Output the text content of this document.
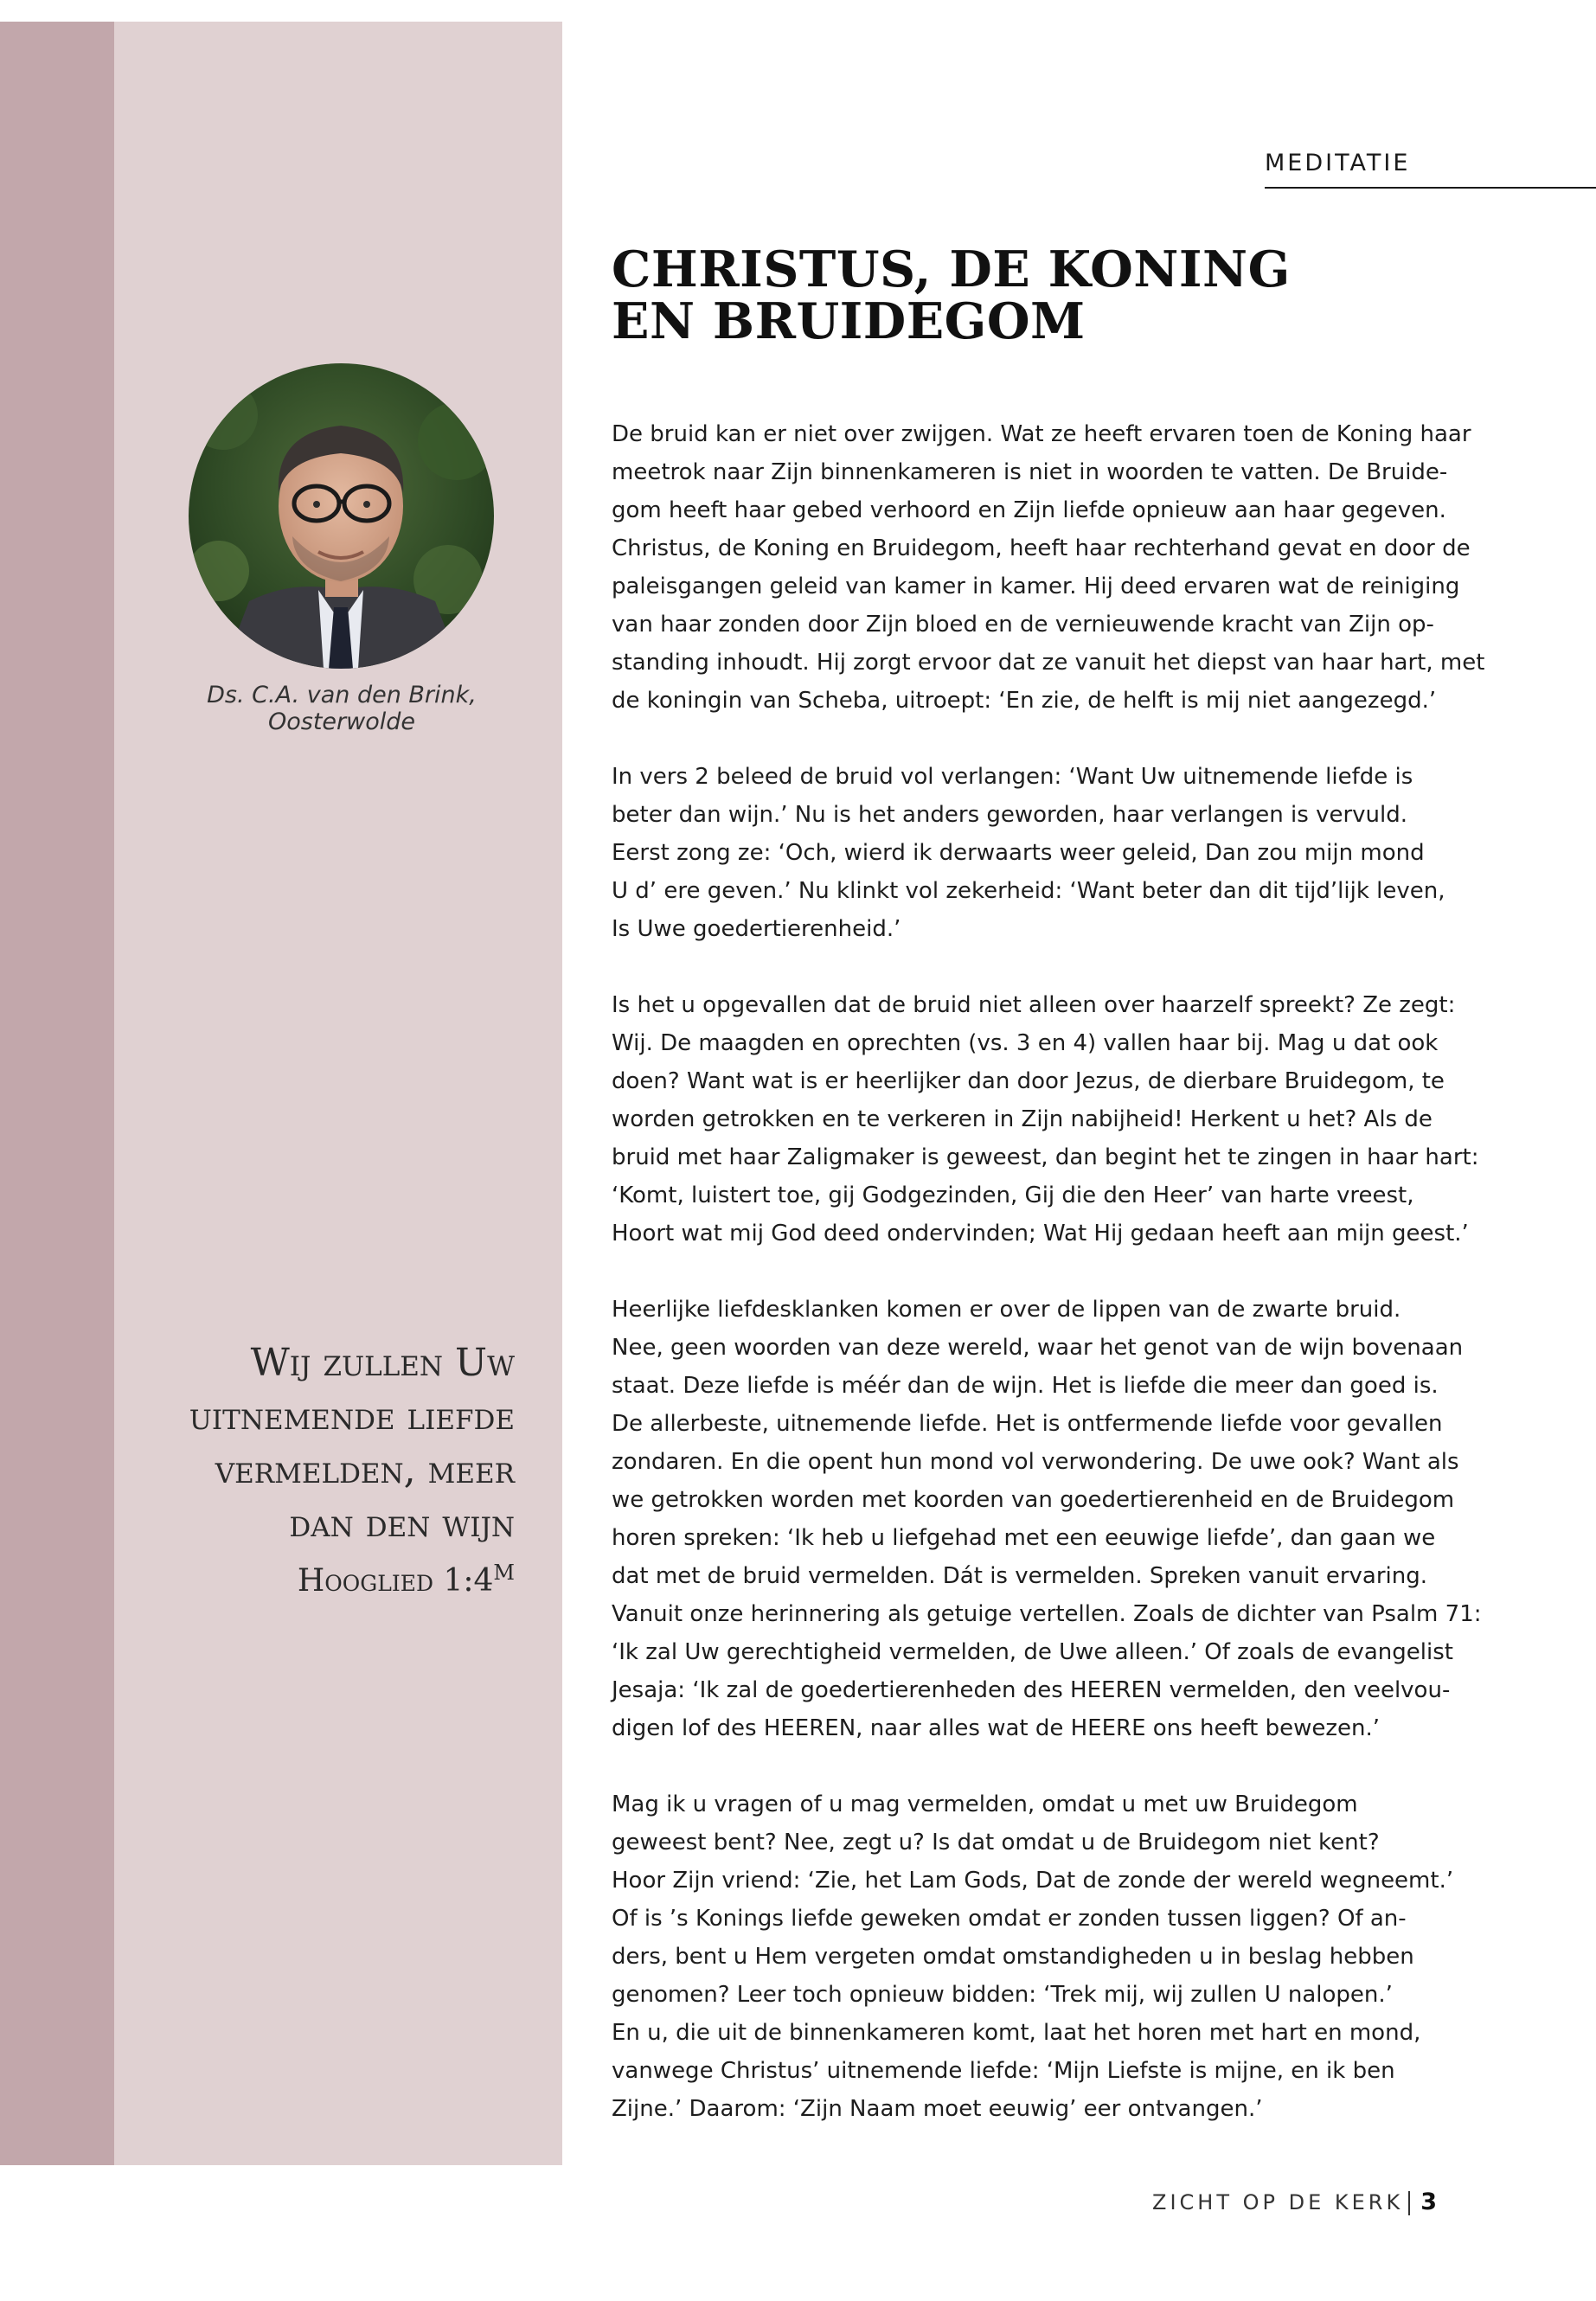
MEDITATIE

CHRISTUS, DE KONING
EN BRUIDEGOM

Ds. C.A. van den Brink, Oosterwolde

Wij zullen Uw
uitnemende liefde
vermelden, meer
dan den wijn

Hooglied $1:4^M$

De bruid kan er niet over zwijgen. Wat ze heeft ervaren toen de Koning haar
meetrok naar Zijn binnenkameren is niet in woorden te vatten. De Bruide-
gom heeft haar gebed verhoord en Zijn liefde opnieuw aan haar gegeven.
Christus, de Koning en Bruidegom, heeft haar rechterhand gevat en door de
paleisgangen geleid van kamer in kamer. Hij deed ervaren wat de reiniging
van haar zonden door Zijn bloed en de vernieuwende kracht van Zijn op-
standing inhoudt. Hij zorgt ervoor dat ze vanuit het diepst van haar hart, met
de koningin van Scheba, uitroept: ‘En zie, de helft is mij niet aangezegd.’

In vers 2 beleed de bruid vol verlangen: ‘Want Uw uitnemende liefde is
beter dan wijn.’ Nu is het anders geworden, haar verlangen is vervuld.
Eerst zong ze: ‘Och, wierd ik derwaarts weer geleid, Dan zou mijn mond
U d’ ere geven.’ Nu klinkt vol zekerheid: ‘Want beter dan dit tijd’lijk leven,
Is Uwe goedertierenheid.’

Is het u opgevallen dat de bruid niet alleen over haarzelf spreekt? Ze zegt:
Wij. De maagden en oprechten (vs. 3 en 4) vallen haar bij. Mag u dat ook
doen? Want wat is er heerlijker dan door Jezus, de dierbare Bruidegom, te
worden getrokken en te verkeren in Zijn nabijheid! Herkent u het? Als de
bruid met haar Zaligmaker is geweest, dan begint het te zingen in haar hart:
‘Komt, luistert toe, gij Godgezinden, Gij die den Heer’ van harte vreest,
Hoort wat mij God deed ondervinden; Wat Hij gedaan heeft aan mijn geest.’

Heerlijke liefdesklanken komen er over de lippen van de zwarte bruid.
Nee, geen woorden van deze wereld, waar het genot van de wijn bovenaan
staat. Deze liefde is méér dan de wijn. Het is liefde die meer dan goed is.
De allerbeste, uitnemende liefde. Het is ontfermende liefde voor gevallen
zondaren. En die opent hun mond vol verwondering. De uwe ook? Want als
we getrokken worden met koorden van goedertierenheid en de Bruidegom
horen spreken: ‘Ik heb u liefgehad met een eeuwige liefde’, dan gaan we
dat met de bruid vermelden. Dát is vermelden. Spreken vanuit ervaring.
Vanuit onze herinnering als getuige vertellen. Zoals de dichter van Psalm 71:
‘Ik zal Uw gerechtigheid vermelden, de Uwe alleen.’ Of zoals de evangelist
Jesaja: ‘Ik zal de goedertierenheden des HEEREN vermelden, den veelvou-
digen lof des HEEREN, naar alles wat de HEERE ons heeft bewezen.’

Mag ik u vragen of u mag vermelden, omdat u met uw Bruidegom
geweest bent? Nee, zegt u? Is dat omdat u de Bruidegom niet kent?
Hoor Zijn vriend: ‘Zie, het Lam Gods, Dat de zonde der wereld wegneemt.’
Of is ’s Konings liefde geweken omdat er zonden tussen liggen? Of an-
ders, bent u Hem vergeten omdat omstandigheden u in beslag hebben
genomen? Leer toch opnieuw bidden: ‘Trek mij, wij zullen U nalopen.’
En u, die uit de binnenkameren komt, laat het horen met hart en mond,
vanwege Christus’ uitnemende liefde: ‘Mijn Liefste is mijne, en ik ben
Zijne.’ Daarom: ‘Zijn Naam moet eeuwig’ eer ontvangen.’

ZICHT OP DE KERK 3
